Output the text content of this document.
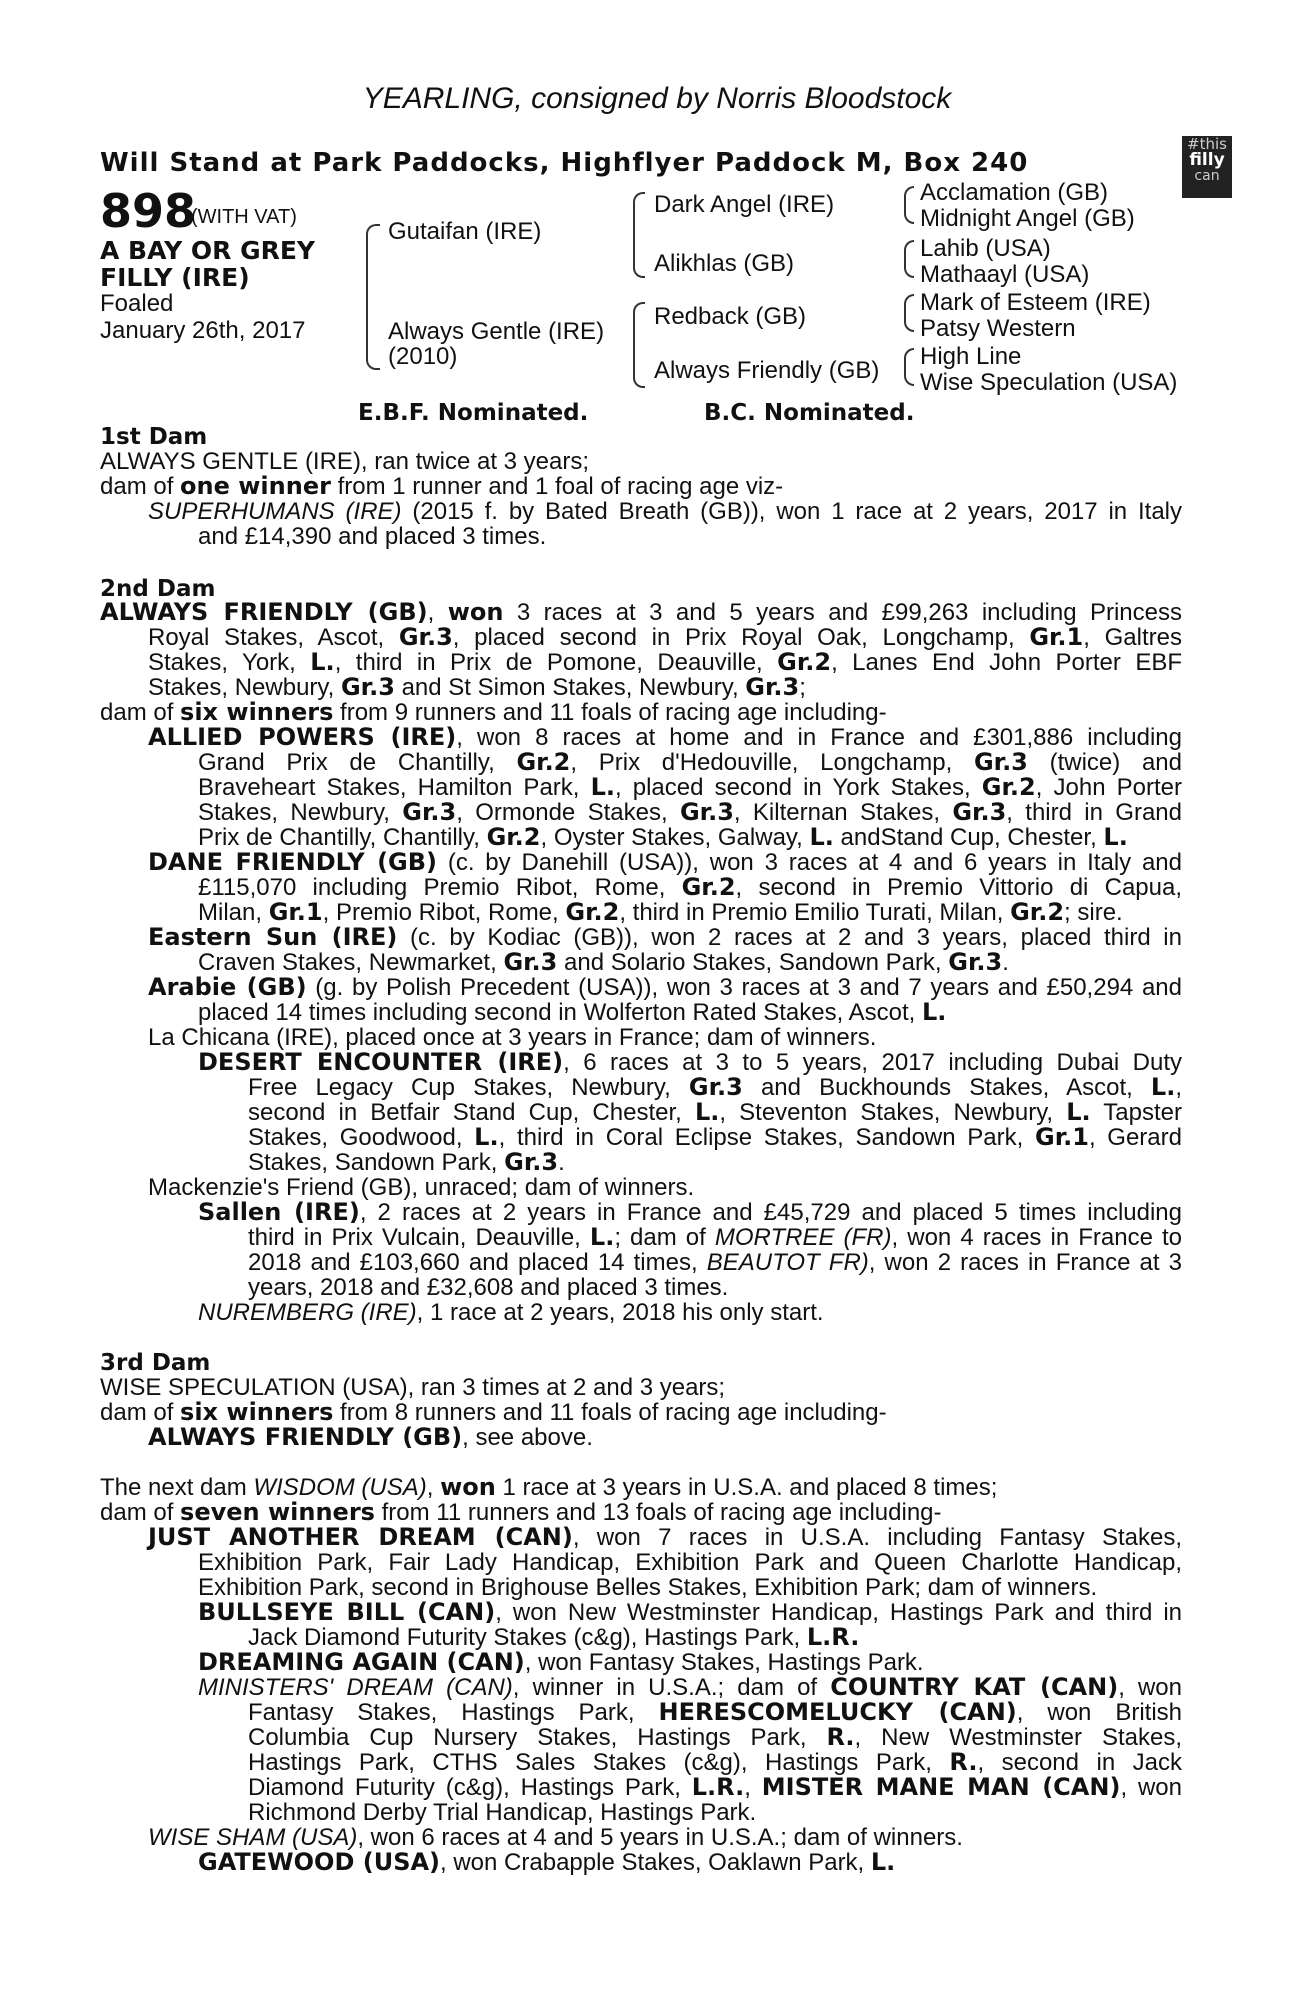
YEARLING, consigned by Norris Bloodstock
Will Stand at Park Paddocks, Highflyer Paddock M, Box 240
#this
filly
can
898
(WITH VAT)
A BAY OR GREY
FILLY (IRE)
Foaled
January 26th, 2017
Gutaifan (IRE)
Always Gentle (IRE)
(2010)
Dark Angel (IRE)
Alikhlas (GB)
Redback (GB)
Always Friendly (GB)
Acclamation (GB)
Midnight Angel (GB)
Lahib (USA)
Mathaayl (USA)
Mark of Esteem (IRE)
Patsy Western
High Line
Wise Speculation (USA)
E.B.F. Nominated.	B.C. Nominated.
1st Dam
ALWAYS GENTLE (IRE), ran twice at 3 years;
dam of one winner from 1 runner and 1 foal of racing age viz-
SUPERHUMANS (IRE) (2015 f. by Bated Breath (GB)), won 1 race at 2 years, 2017 in Italy
and £14,390 and placed 3 times.
2nd Dam
ALWAYS FRIENDLY (GB), won 3 races at 3 and 5 years and £99,263 including Princess
Royal Stakes, Ascot, Gr.3, placed second in Prix Royal Oak, Longchamp, Gr.1, Galtres
Stakes, York, L., third in Prix de Pomone, Deauville, Gr.2, Lanes End John Porter EBF
Stakes, Newbury, Gr.3 and St Simon Stakes, Newbury, Gr.3;
dam of six winners from 9 runners and 11 foals of racing age including-
ALLIED POWERS (IRE), won 8 races at home and in France and £301,886 including
Grand Prix de Chantilly, Gr.2, Prix d'Hedouville, Longchamp, Gr.3 (twice) and
Braveheart Stakes, Hamilton Park, L., placed second in York Stakes, Gr.2, John Porter
Stakes, Newbury, Gr.3, Ormonde Stakes, Gr.3, Kilternan Stakes, Gr.3, third in Grand
Prix de Chantilly, Chantilly, Gr.2, Oyster Stakes, Galway, L. andStand Cup, Chester, L.
DANE FRIENDLY (GB) (c. by Danehill (USA)), won 3 races at 4 and 6 years in Italy and
£115,070 including Premio Ribot, Rome, Gr.2, second in Premio Vittorio di Capua,
Milan, Gr.1, Premio Ribot, Rome, Gr.2, third in Premio Emilio Turati, Milan, Gr.2; sire.
Eastern Sun (IRE) (c. by Kodiac (GB)), won 2 races at 2 and 3 years, placed third in
Craven Stakes, Newmarket, Gr.3 and Solario Stakes, Sandown Park, Gr.3.
Arabie (GB) (g. by Polish Precedent (USA)), won 3 races at 3 and 7 years and £50,294 and
placed 14 times including second in Wolferton Rated Stakes, Ascot, L.
La Chicana (IRE), placed once at 3 years in France; dam of winners.
DESERT ENCOUNTER (IRE), 6 races at 3 to 5 years, 2017 including Dubai Duty
Free Legacy Cup Stakes, Newbury, Gr.3 and Buckhounds Stakes, Ascot, L.,
second in Betfair Stand Cup, Chester, L., Steventon Stakes, Newbury, L. Tapster
Stakes, Goodwood, L., third in Coral Eclipse Stakes, Sandown Park, Gr.1, Gerard
Stakes, Sandown Park, Gr.3.
Mackenzie's Friend (GB), unraced; dam of winners.
Sallen (IRE), 2 races at 2 years in France and £45,729 and placed 5 times including
third in Prix Vulcain, Deauville, L.; dam of MORTREE (FR), won 4 races in France to
2018 and £103,660 and placed 14 times, BEAUTOT FR), won 2 races in France at 3
years, 2018 and £32,608 and placed 3 times.
NUREMBERG (IRE), 1 race at 2 years, 2018 his only start.
3rd Dam
WISE SPECULATION (USA), ran 3 times at 2 and 3 years;
dam of six winners from 8 runners and 11 foals of racing age including-
ALWAYS FRIENDLY (GB), see above.
The next dam WISDOM (USA), won 1 race at 3 years in U.S.A. and placed 8 times;
dam of seven winners from 11 runners and 13 foals of racing age including-
JUST ANOTHER DREAM (CAN), won 7 races in U.S.A. including Fantasy Stakes,
Exhibition Park, Fair Lady Handicap, Exhibition Park and Queen Charlotte Handicap,
Exhibition Park, second in Brighouse Belles Stakes, Exhibition Park; dam of winners.
BULLSEYE BILL (CAN), won New Westminster Handicap, Hastings Park and third in
Jack Diamond Futurity Stakes (c&g), Hastings Park, L.R.
DREAMING AGAIN (CAN), won Fantasy Stakes, Hastings Park.
MINISTERS' DREAM (CAN), winner in U.S.A.; dam of COUNTRY KAT (CAN), won
Fantasy Stakes, Hastings Park, HERESCOMELUCKY (CAN), won British
Columbia Cup Nursery Stakes, Hastings Park, R., New Westminster Stakes,
Hastings Park, CTHS Sales Stakes (c&g), Hastings Park, R., second in Jack
Diamond Futurity (c&g), Hastings Park, L.R., MISTER MANE MAN (CAN), won
Richmond Derby Trial Handicap, Hastings Park.
WISE SHAM (USA), won 6 races at 4 and 5 years in U.S.A.; dam of winners.
GATEWOOD (USA), won Crabapple Stakes, Oaklawn Park, L.
